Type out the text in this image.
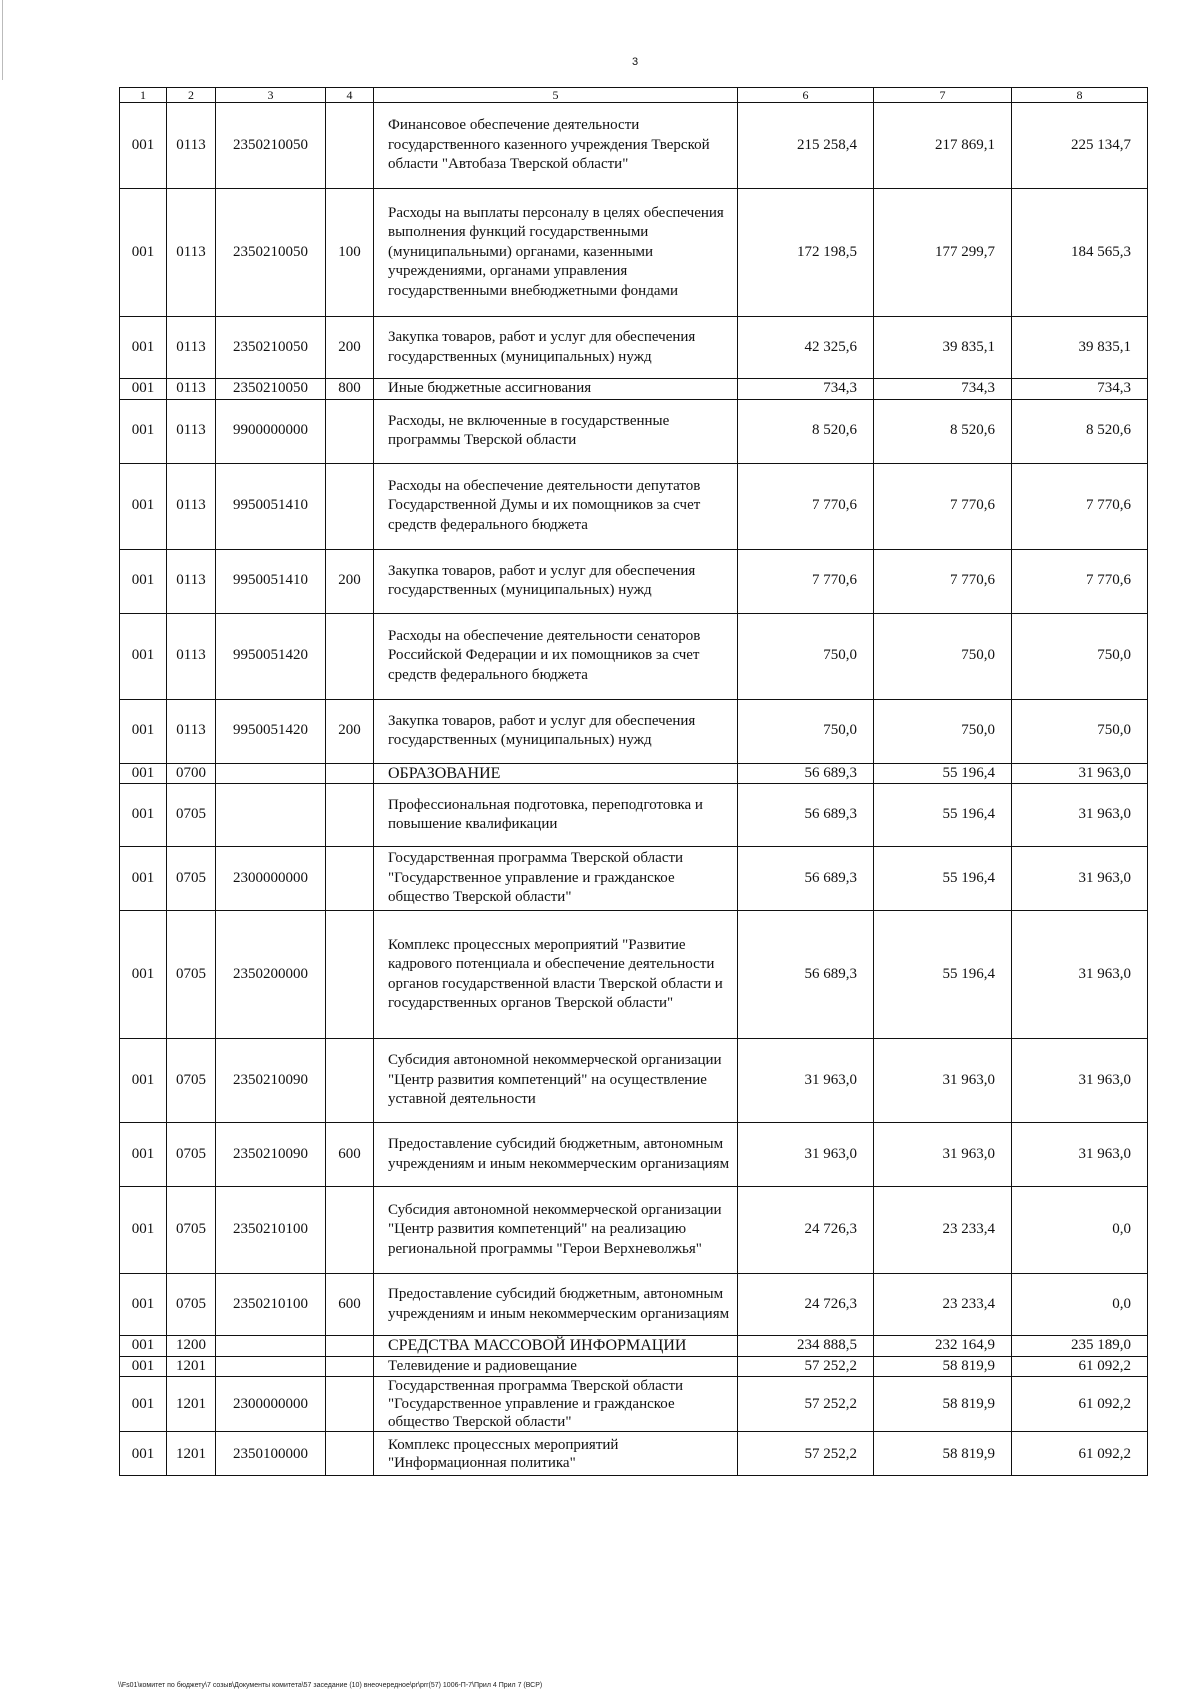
3
1	2	3	4	5	6	7	8
001	0113	2350210050		Финансовое обеспечение деятельности государственного казенного учреждения Тверской области "Автобаза Тверской области"	215 258,4	217 869,1	225 134,7
001	0113	2350210050	100	Расходы на выплаты персоналу в целях обеспечения выполнения функций государственными (муниципальными) органами, казенными учреждениями, органами управления государственными внебюджетными фондами	172 198,5	177 299,7	184 565,3
001	0113	2350210050	200	Закупка товаров, работ и услуг для обеспечения государственных (муниципальных) нужд	42 325,6	39 835,1	39 835,1
001	0113	2350210050	800	Иные бюджетные ассигнования	734,3	734,3	734,3
001	0113	9900000000		Расходы, не включенные в государственные программы Тверской области	8 520,6	8 520,6	8 520,6
001	0113	9950051410		Расходы на обеспечение деятельности депутатов Государственной Думы и их помощников за счет средств федерального бюджета	7 770,6	7 770,6	7 770,6
001	0113	9950051410	200	Закупка товаров, работ и услуг для обеспечения государственных (муниципальных) нужд	7 770,6	7 770,6	7 770,6
001	0113	9950051420		Расходы на обеспечение деятельности сенаторов Российской Федерации и их помощников за счет средств федерального бюджета	750,0	750,0	750,0
001	0113	9950051420	200	Закупка товаров, работ и услуг для обеспечения государственных (муниципальных) нужд	750,0	750,0	750,0
001	0700			ОБРАЗОВАНИЕ	56 689,3	55 196,4	31 963,0
001	0705			Профессиональная подготовка, переподготовка и повышение квалификации	56 689,3	55 196,4	31 963,0
001	0705	2300000000		Государственная программа Тверской области "Государственное управление и гражданское общество Тверской области"	56 689,3	55 196,4	31 963,0
001	0705	2350200000		Комплекс процессных мероприятий "Развитие кадрового потенциала и обеспечение деятельности органов государственной власти Тверской области и государственных органов Тверской области"	56 689,3	55 196,4	31 963,0
001	0705	2350210090		Субсидия автономной некоммерческой организации "Центр развития компетенций" на осуществление уставной деятельности	31 963,0	31 963,0	31 963,0
001	0705	2350210090	600	Предоставление субсидий бюджетным, автономным учреждениям и иным некоммерческим организациям	31 963,0	31 963,0	31 963,0
001	0705	2350210100		Субсидия автономной некоммерческой организации "Центр развития компетенций" на реализацию региональной программы "Герои Верхневолжья"	24 726,3	23 233,4	0,0
001	0705	2350210100	600	Предоставление субсидий бюджетным, автономным учреждениям и иным некоммерческим организациям	24 726,3	23 233,4	0,0
001	1200			СРЕДСТВА МАССОВОЙ ИНФОРМАЦИИ	234 888,5	232 164,9	235 189,0
001	1201			Телевидение и радиовещание	57 252,2	58 819,9	61 092,2
001	1201	2300000000		Государственная программа Тверской области "Государственное управление и гражданское общество Тверской области"	57 252,2	58 819,9	61 092,2
001	1201	2350100000		Комплекс процессных мероприятий "Информационная политика"	57 252,2	58 819,9	61 092,2
\\Fs01\комитет по бюджету\7 созыв\Документы комитета\57 заседание (10) внеочередное\pr\prr(57) 1006-П-7\Прил 4 Прил 7 (ВСР)
